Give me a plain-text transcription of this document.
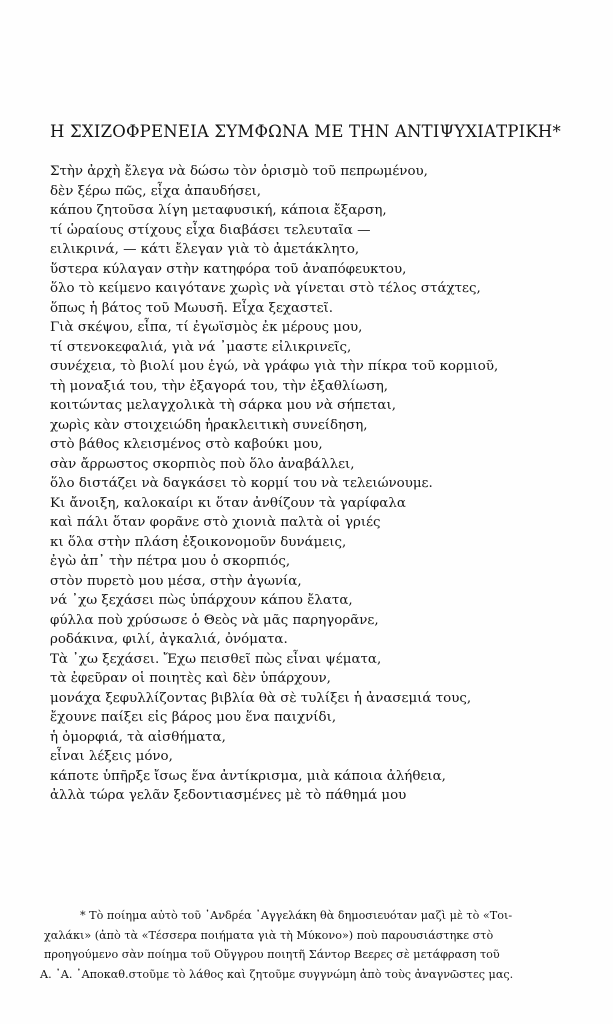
Η ΣΧΙΖΟΦΡΕΝΕΙΑ ΣΥΜΦΩΝΑ ΜΕ ΤΗΝ ΑΝΤΙΨΥΧΙΑΤΡΙΚΗ*
Στὴν ἀρχὴ ἔλεγα νὰ δώσω τὸν ὁρισμὸ τοῦ πεπρωμένου,
δὲν ξέρω πῶς, εἶχα ἀπαυδήσει,
κάπου ζητοῦσα λίγη μεταφυσική, κάποια ἔξαρση,
τί ὡραίους στίχους εἶχα διαβάσει τελευταῖα —
ειλικρινά, — κάτι ἔλεγαν γιὰ τὸ ἀμετάκλητο,
ὕστερα κύλαγαν στὴν κατηφόρα τοῦ ἀναπόφευκτου,
ὅλο τὸ κείμενο καιγότανε χωρὶς νὰ γίνεται στὸ τέλος στάχτες,
ὅπως ἡ βάτος τοῦ Μωυσῆ. Εἶχα ξεχαστεῖ.
Γιὰ σκέψου, εἶπα, τί ἐγωϊσμὸς ἐκ μέρους μου,
τί στενοκεφαλιά, γιὰ νά ᾿μαστε εἰλικρινεῖς,
συνέχεια, τὸ βιολί μου ἐγώ, νὰ γράφω γιὰ τὴν πίκρα τοῦ κορμιοῦ,
τὴ μοναξιά του, τὴν ἐξαγορά του, τὴν ἐξαθλίωση,
κοιτώντας μελαγχολικὰ τὴ σάρκα μου νὰ σήπεται,
χωρὶς κὰν στοιχειώδη ἡρακλειτικὴ συνείδηση,
στὸ βάθος κλεισμένος στὸ καβούκι μου,
σὰν ἄρρωστος σκορπιὸς ποὺ ὅλο ἀναβάλλει,
ὅλο διστάζει νὰ δαγκάσει τὸ κορμί του νὰ τελειώνουμε.
Κι ἄνοιξη, καλοκαίρι κι ὅταν ἀνθίζουν τὰ γαρίφαλα
καὶ πάλι ὅταν φορᾶνε στὸ χιονιὰ παλτὰ οἱ γριές
κι ὅλα στὴν πλάση ἐξοικονομοῦν δυνάμεις,
ἐγὼ ἀπ᾿ τὴν πέτρα μου ὁ σκορπιός,
στὸν πυρετὸ μου μέσα, στὴν ἀγωνία,
νά ᾿χω ξεχάσει πὼς ὑπάρχουν κάπου ἔλατα,
φύλλα ποὺ χρύσωσε ὁ Θεὸς νὰ μᾶς παρηγορᾶνε,
ροδάκινα, φιλί, ἀγκαλιά, ὀνόματα.
Τὰ ᾿χω ξεχάσει. Ἔχω πεισθεῖ πὼς εἶναι ψέματα,
τὰ ἐφεῦραν οἱ ποιητὲς καὶ δὲν ὑπάρχουν,
μονάχα ξεφυλλίζοντας βιβλία θὰ σὲ τυλίξει ἡ ἀνασεμιά τους,
ἔχουνε παίξει εἰς βάρος μου ἕνα παιχνίδι,
ἡ ὀμορφιά, τὰ αἰσθήματα,
εἶναι λέξεις μόνο,
κάποτε ὑπῆρξε ἴσως ἕνα ἀντίκρισμα, μιὰ κάποια ἀλήθεια,
ἀλλὰ τώρα γελᾶν ξεδοντιασμένες μὲ τὸ πάθημά μου
* Τὸ ποίημα αὐτὸ τοῦ ᾿Ανδρέα ᾿Αγγελάκη θὰ δημοσιευόταν μαζὶ μὲ τὸ «Τοι-
χαλάκι» (ἀπὸ τὰ «Τέσσερα ποιήματα γιὰ τὴ Μύκονο») ποὺ παρουσιάστηκε στὸ
προηγούμενο σὰν ποίημα τοῦ Οὔγγρου ποιητῆ Σάντορ Βεερες σὲ μετάφραση τοῦ
Α. ᾿Α. ᾿Αποκαθ.στοῦμε τὸ λάθος καὶ ζητοῦμε συγγνώμη ἀπὸ τοὺς ἀναγνῶστες μας.
